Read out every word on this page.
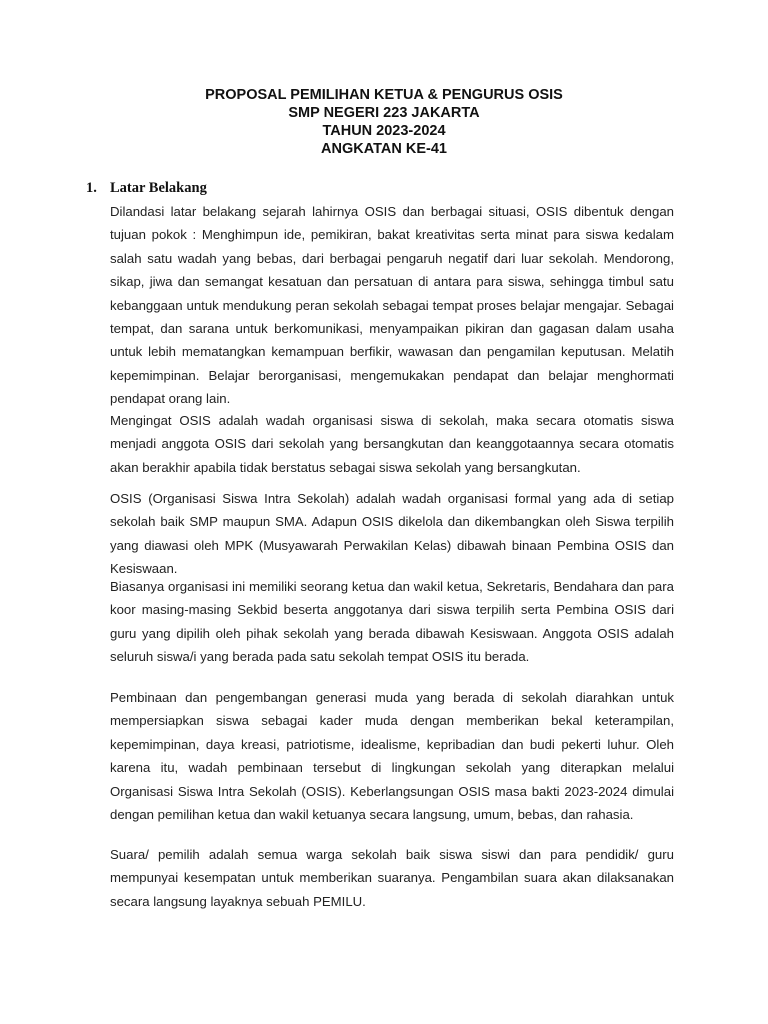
PROPOSAL PEMILIHAN KETUA & PENGURUS OSIS
SMP NEGERI 223 JAKARTA
TAHUN 2023-2024
ANGKATAN KE-41
1. Latar Belakang

Dilandasi latar belakang sejarah lahirnya OSIS dan berbagai situasi, OSIS dibentuk dengan tujuan pokok : Menghimpun ide, pemikiran, bakat kreativitas serta minat para siswa kedalam salah satu wadah yang bebas, dari berbagai pengaruh negatif dari luar sekolah. Mendorong, sikap, jiwa dan semangat kesatuan dan persatuan di antara para siswa, sehingga timbul satu kebanggaan untuk mendukung peran sekolah sebagai tempat proses belajar mengajar. Sebagai tempat, dan sarana untuk berkomunikasi, menyampaikan pikiran dan gagasan dalam usaha untuk lebih mematangkan kemampuan berfikir, wawasan dan pengamilan keputusan. Melatih kepemimpinan. Belajar berorganisasi, mengemukakan pendapat dan belajar menghormati pendapat orang lain.

Mengingat OSIS adalah wadah organisasi siswa di sekolah, maka secara otomatis siswa menjadi anggota OSIS dari sekolah yang bersangkutan dan keanggotaannya secara otomatis akan berakhir apabila tidak berstatus sebagai siswa sekolah yang bersangkutan.

OSIS (Organisasi Siswa Intra Sekolah) adalah wadah organisasi formal yang ada di setiap sekolah baik SMP maupun SMA. Adapun OSIS dikelola dan dikembangkan oleh Siswa terpilih yang diawasi oleh MPK (Musyawarah Perwakilan Kelas) dibawah binaan Pembina OSIS dan Kesiswaan.

Biasanya organisasi ini memiliki seorang ketua dan wakil ketua, Sekretaris, Bendahara dan para koor masing-masing Sekbid beserta anggotanya dari siswa terpilih serta Pembina OSIS dari guru yang dipilih oleh pihak sekolah yang berada dibawah Kesiswaan. Anggota OSIS adalah seluruh siswa/i yang berada pada satu sekolah tempat OSIS itu berada.

Pembinaan dan pengembangan generasi muda yang berada di sekolah diarahkan untuk mempersiapkan siswa sebagai kader muda dengan memberikan bekal keterampilan, kepemimpinan, daya kreasi, patriotisme, idealisme, kepribadian dan budi pekerti luhur. Oleh karena itu, wadah pembinaan tersebut di lingkungan sekolah yang diterapkan melalui Organisasi Siswa Intra Sekolah (OSIS). Keberlangsungan OSIS masa bakti 2023-2024 dimulai dengan pemilihan ketua dan wakil ketuanya secara langsung, umum, bebas, dan rahasia.

Suara/ pemilih adalah semua warga sekolah baik siswa siswi dan para pendidik/ guru mempunyai kesempatan untuk memberikan suaranya. Pengambilan suara akan dilaksanakan secara langsung layaknya sebuah PEMILU.
